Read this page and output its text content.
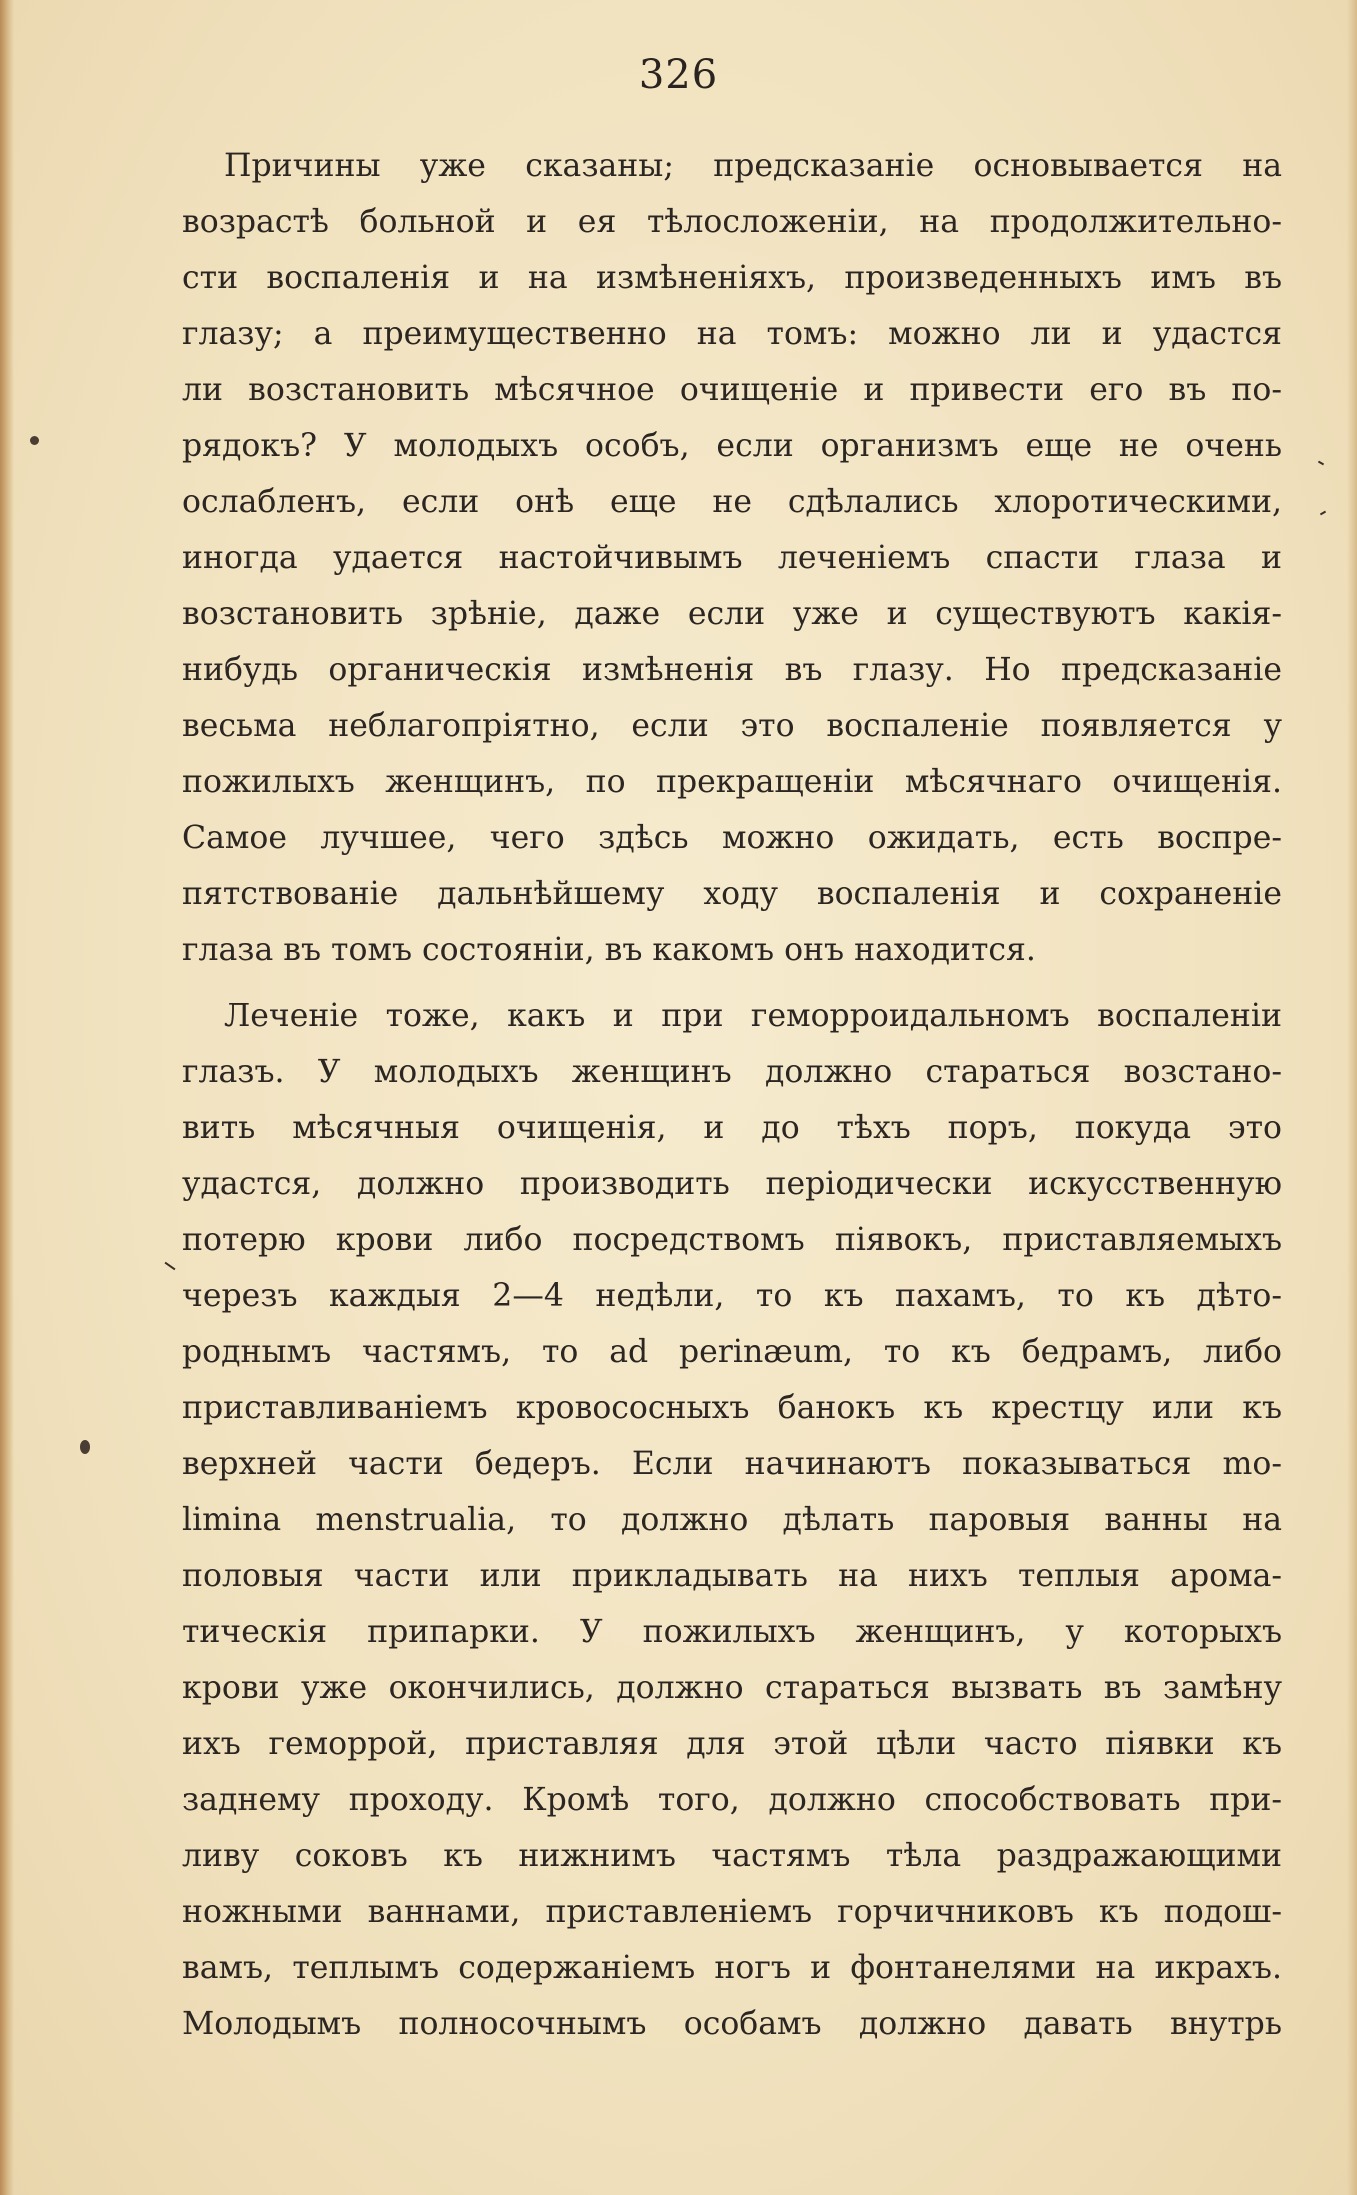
326
Причины уже сказаны; предсказаніе основывается на
возрастѣ больной и ея тѣлосложеніи, на продолжительно-
сти воспаленія и на измѣненіяхъ, произведенныхъ имъ въ
глазу; а преимущественно на томъ: можно ли и удастся
ли возстановить мѣсячное очищеніе и привести его въ по-
рядокъ? У молодыхъ особъ, если организмъ еще не очень
ослабленъ, если онѣ еще не сдѣлались хлоротическими,
иногда удается настойчивымъ леченіемъ спасти глаза и
возстановить зрѣніе, даже если уже и существуютъ какія-
нибудь органическія измѣненія въ глазу. Но предсказаніе
весьма неблагопріятно, если это воспаленіе появляется у
пожилыхъ женщинъ, по прекращеніи мѣсячнаго очищенія.
Самое лучшее, чего здѣсь можно ожидать, есть воспре-
пятствованіе дальнѣйшему ходу воспаленія и сохраненіе
глаза въ томъ состояніи, въ какомъ онъ находится.
Леченіе тоже, какъ и при геморроидальномъ воспаленіи
глазъ. У молодыхъ женщинъ должно стараться возстано-
вить мѣсячныя очищенія, и до тѣхъ поръ, покуда это
удастся, должно производить періодически искусственную
потерю крови либо посредствомъ піявокъ, приставляемыхъ
черезъ каждыя 2—4 недѣли, то къ пахамъ, то къ дѣто-
роднымъ частямъ, то ad perinæum, то къ бедрамъ, либо
приставливаніемъ кровососныхъ банокъ къ крестцу или къ
верхней части бедеръ. Если начинаютъ показываться mo-
limina menstrualia, то должно дѣлать паровыя ванны на
половыя части или прикладывать на нихъ теплыя арома-
тическія припарки. У пожилыхъ женщинъ, у которыхъ
крови уже окончились, должно стараться вызвать въ замѣну
ихъ геморрой, приставляя для этой цѣли часто піявки къ
заднему проходу. Кромѣ того, должно способствовать при-
ливу соковъ къ нижнимъ частямъ тѣла раздражающими
ножными ваннами, приставленіемъ горчичниковъ къ подош-
вамъ, теплымъ содержаніемъ ногъ и фонтанелями на икрахъ.
Молодымъ полносочнымъ особамъ должно давать внутрь
